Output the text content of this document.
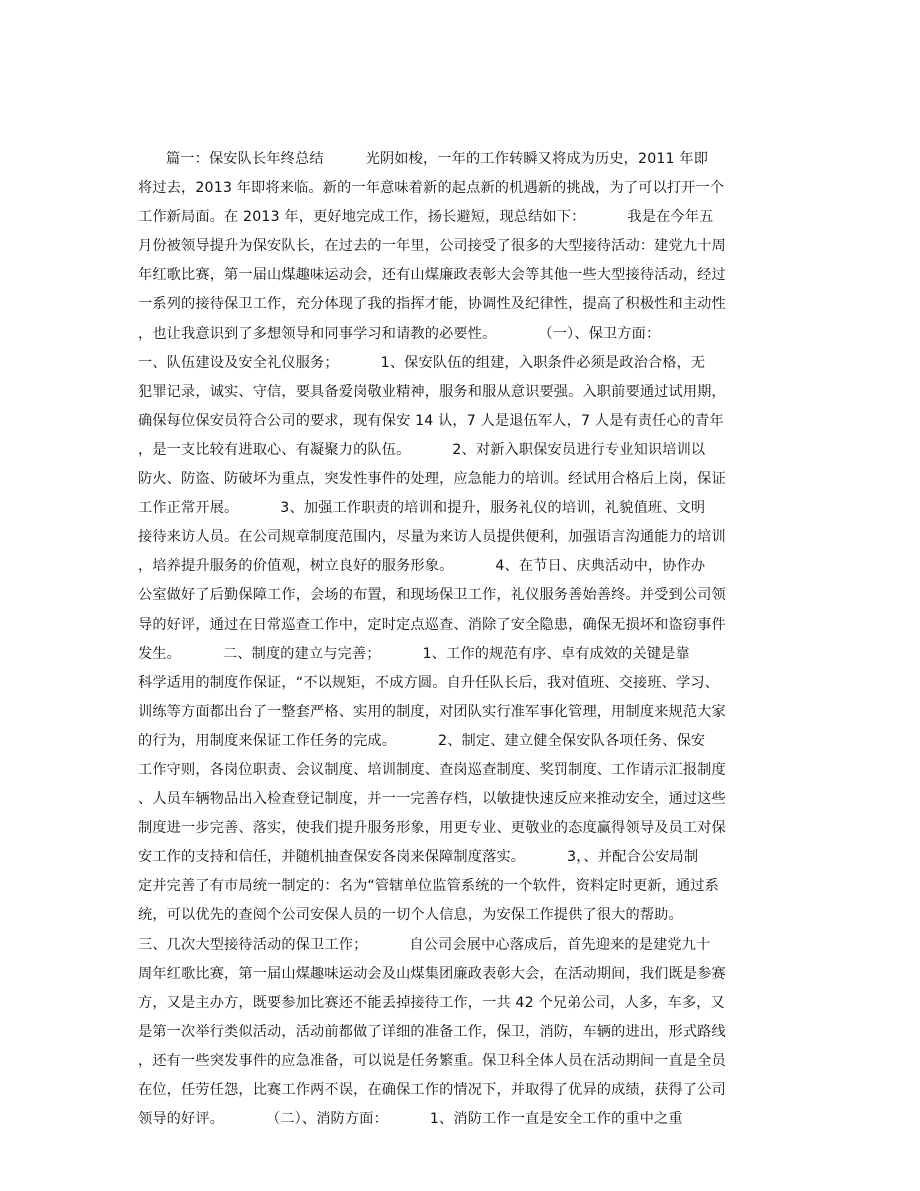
篇一：保安队长年终总结         光阴如梭，一年的工作转瞬又将成为历史，2011 年即
将过去，2013 年即将来临。新的一年意味着新的起点新的机遇新的挑战，为了可以打开一个
工作新局面。在 2013 年，更好地完成工作，扬长避短，现总结如下：         我是在今年五
月份被领导提升为保安队长，在过去的一年里，公司接受了很多的大型接待活动：建党九十周
年红歌比赛，第一届山煤趣味运动会，还有山煤廉政表彰大会等其他一些大型接待活动，经过
一系列的接待保卫工作，充分体现了我的指挥才能，协调性及纪律性，提高了积极性和主动性
，也让我意识到了多想领导和同事学习和请教的必要性。         （一）、保卫方面：
一、队伍建设及安全礼仪服务；         1、保安队伍的组建，入职条件必须是政治合格，无
犯罪记录，诚实、守信，要具备爱岗敬业精神，服务和服从意识要强。入职前要通过试用期，
确保每位保安员符合公司的要求，现有保安 14 认，7 人是退伍军人，7 人是有责任心的青年
，是一支比较有进取心、有凝聚力的队伍。         2、对新入职保安员进行专业知识培训以
防火、防盗、防破坏为重点，突发性事件的处理，应急能力的培训。经试用合格后上岗，保证
工作正常开展。         3、加强工作职责的培训和提升，服务礼仪的培训，礼貌值班、文明
接待来访人员。在公司规章制度范围内，尽量为来访人员提供便利，加强语言沟通能力的培训
，培养提升服务的价值观，树立良好的服务形象。         4、在节日、庆典活动中，协作办
公室做好了后勤保障工作，会场的布置，和现场保卫工作，礼仪服务善始善终。并受到公司领
导的好评，通过在日常巡查工作中，定时定点巡查、消除了安全隐患，确保无损坏和盗窃事件
发生。         二、制度的建立与完善；         1、工作的规范有序、卓有成效的关键是靠
科学适用的制度作保证，“不以规矩，不成方圆。自升任队长后，我对值班、交接班、学习、
训练等方面都出台了一整套严格、实用的制度，对团队实行准军事化管理，用制度来规范大家
的行为，用制度来保证工作任务的完成。         2、制定、建立健全保安队各项任务、保安
工作守则，各岗位职责、会议制度、培训制度、查岗巡查制度、奖罚制度、工作请示汇报制度
、人员车辆物品出入检查登记制度，并一一完善存档，以敏捷快速反应来推动安全，通过这些
制度进一步完善、落实，使我们提升服务形象，用更专业、更敬业的态度赢得领导及员工对保
安工作的支持和信任，并随机抽查保安各岗来保障制度落实。         3，、并配合公安局制
定并完善了有市局统一制定的：名为“管辖单位监管系统的一个软件，资料定时更新，通过系
统，可以优先的查阅个公司安保人员的一切个人信息，为安保工作提供了很大的帮助。
三、几次大型接待活动的保卫工作；         自公司会展中心落成后，首先迎来的是建党九十
周年红歌比赛，第一届山煤趣味运动会及山煤集团廉政表彰大会，在活动期间，我们既是参赛
方，又是主办方，既要参加比赛还不能丢掉接待工作，一共 42 个兄弟公司，人多，车多，又
是第一次举行类似活动，活动前都做了详细的准备工作，保卫，消防，车辆的进出，形式路线
，还有一些突发事件的应急准备，可以说是任务繁重。保卫科全体人员在活动期间一直是全员
在位，任劳任怨，比赛工作两不误，在确保工作的情况下，并取得了优异的成绩，获得了公司
领导的好评。         （二）、消防方面：         1、消防工作一直是安全工作的重中之重
